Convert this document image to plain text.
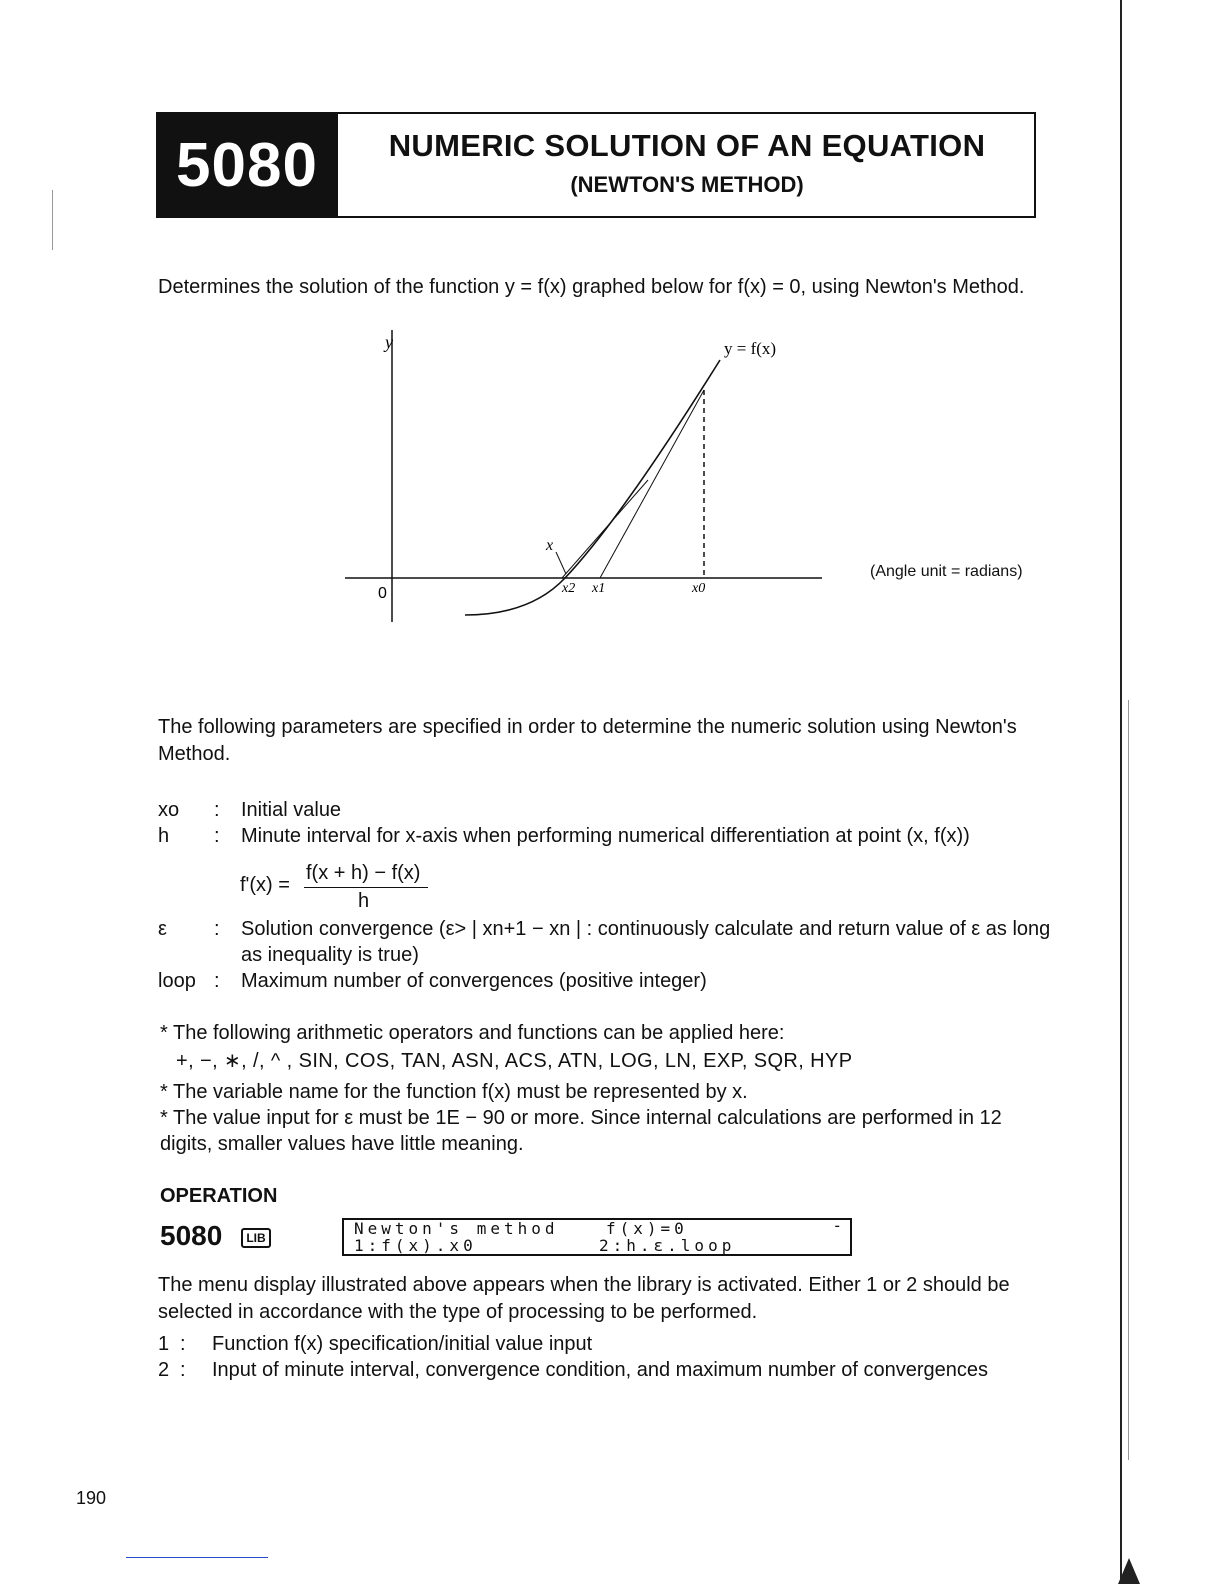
5080	NUMERIC SOLUTION OF AN EQUATION
(NEWTON'S METHOD)
Determines the solution of the function y = f(x) graphed below for f(x) = 0, using Newton's Method.
y
0
y = f(x)
x
x2 x1	x0
(Angle unit = radians)
The following parameters are specified in order to determine the numeric solution using Newton's Method.
xo	:	Initial value
h	:	Minute interval for x-axis when performing numerical differentiation at point (x, f(x))
f'(x) =
f(x + h) − f(x)
h
ε	:	Solution convergence (ε> | xn+1 − xn | : continuously calculate and return value of ε as long as inequality is true)
loop :	Maximum number of convergences (positive integer)
* The following arithmetic operators and functions can be applied here:
+, −, ∗, /, ^ , SIN, COS, TAN, ASN, ACS, ATN, LOG, LN, EXP, SQR, HYP
* The variable name for the function f(x) must be represented by x.
* The value input for ε must be 1E − 90 or more. Since internal calculations are performed in 12 digits, smaller values have little meaning.
OPERATION
5080	LIB	Newton's method	f(x)=0
1:f(x).x0	2:h.ε.loop
-
The menu display illustrated above appears when the library is activated. Either 1 or 2 should be selected in accordance with the type of processing to be performed.
1 : Function f(x) specification/initial value input
2 : Input of minute interval, convergence condition, and maximum number of convergences
190
